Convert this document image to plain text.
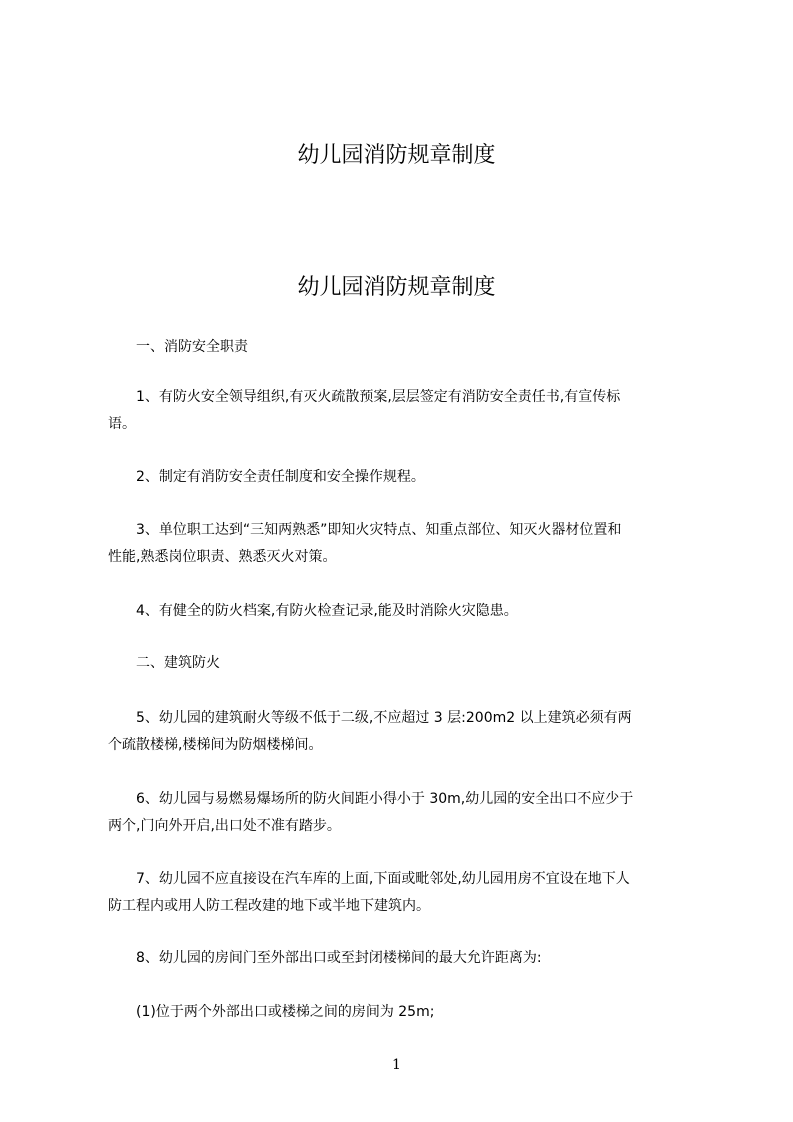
幼儿园消防规章制度
幼儿园消防规章制度

一、消防安全职责

1、有防火安全领导组织,有灭火疏散预案,层层签定有消防安全责任书,有宣传标
语。

2、制定有消防安全责任制度和安全操作规程。

3、单位职工达到“三知两熟悉”即知火灾特点、知重点部位、知灭火器材位置和
性能,熟悉岗位职责、熟悉灭火对策。

4、有健全的防火档案,有防火检查记录,能及时消除火灾隐患。

二、建筑防火

5、幼儿园的建筑耐火等级不低于二级,不应超过 3 层:200m2 以上建筑必须有两
个疏散楼梯,楼梯间为防烟楼梯间。

6、幼儿园与易燃易爆场所的防火间距小得小于 30m,幼儿园的安全出口不应少于
两个,门向外开启,出口处不准有踏步。

7、幼儿园不应直接设在汽车库的上面,下面或毗邻处,幼儿园用房不宜设在地下人
防工程内或用人防工程改建的地下或半地下建筑内。

8、幼儿园的房间门至外部出口或至封闭楼梯间的最大允许距离为:

(1)位于两个外部出口或楼梯之间的房间为 25m;

1
